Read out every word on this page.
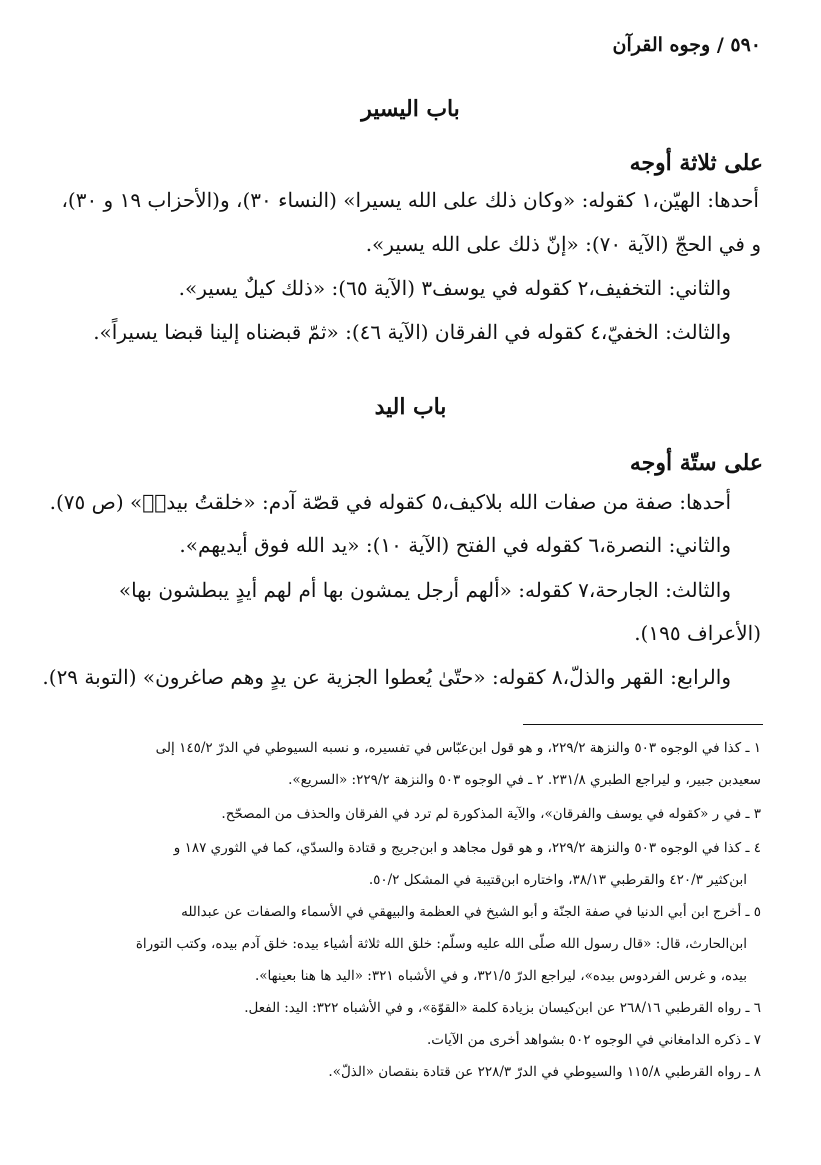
٥٩٠ / وجوه القرآن
باب اليسير
على ثلاثة أوجه
أحدها: الهيّن،١ كقوله: «وكان ذلك على الله يسيرا» (النساء ٣٠)، و(الأحزاب ١٩ و ٣٠)،
و في الحجّ (الآية ٧٠): «إنّ ذلك على الله يسير».
والثاني: التخفيف،٢ كقوله في يوسف٣ (الآية ٦٥): «ذلك كيلٌ يسير».
والثالث: الخفيّ،٤ كقوله في الفرقان (الآية ٤٦): «ثمّ قبضناه إلينا قبضا يسيراً».
باب اليد
على ستّة أوجه
أحدها: صفة من صفات الله بلاكيف،٥ كقوله في قصّة آدم: «خلقتُ بيديٖ» (ص ٧٥).
والثاني: النصرة،٦ كقوله في الفتح (الآية ١٠): «يد الله فوق أيديهم».
والثالث: الجارحة،٧ كقوله: «ألهم أرجل يمشون بها أم لهم أيدٍ يبطشون بها»
(الأعراف ١٩٥).
والرابع: القهر والذلّ،٨ كقوله: «حتّىٰ يُعطوا الجزية عن يدٍ وهم صاغرون» (التوبة ٢٩).
١ ـ كذا في الوجوه ٥٠٣ والنزهة ٢٢٩/٢، و هو قول ابن‌عبّاس في تفسيره، و نسبه السيوطي في الدرّ ١٤٥/٢ إلى
سعيدبن جبير، و ليراجع الطبري ٢٣١/٨. ٢ ـ في الوجوه ٥٠٣ والنزهة ٢٢٩/٢: «السريع».
٣ ـ في ر «كقوله في يوسف والفرقان»، والآية المذكورة لم ترد في الفرقان والحذف من المصحّح.
٤ ـ كذا في الوجوه ٥٠٣ والنزهة ٢٢٩/٢، و هو قول مجاهد و ابن‌جريج و قتادة والسدّي، كما في الثوري ١٨٧ و
ابن‌كثير ٤٢٠/٣ والقرطبي ٣٨/١٣، واختاره ابن‌قتيبة في المشكل ٥٠/٢.
٥ ـ أخرج ابن أبي الدنيا في صفة الجنّة و أبو الشيخ في العظمة والبيهقي في الأسماء والصفات عن عبدالله
ابن‌الحارث، قال: «قال رسول الله صلّى الله عليه وسلّم: خلق الله ثلاثة أشياء بيده: خلق آدم بيده، وكتب التوراة
بيده، و غرس الفردوس بيده»، ليراجع الدرّ ٣٢١/٥، و في الأشباه ٣٢١: «اليد ها هنا بعينها».
٦ ـ رواه القرطبي ٢٦٨/١٦ عن ابن‌كيسان بزيادة كلمة «القوّة»، و في الأشباه ٣٢٢: اليد: الفعل.
٧ ـ ذكره الدامغاني في الوجوه ٥٠٢ بشواهد أخرى من الآيات.
٨ ـ رواه القرطبي ١١٥/٨ والسيوطي في الدرّ ٢٢٨/٣ عن قتادة بنقصان «الذلّ».
